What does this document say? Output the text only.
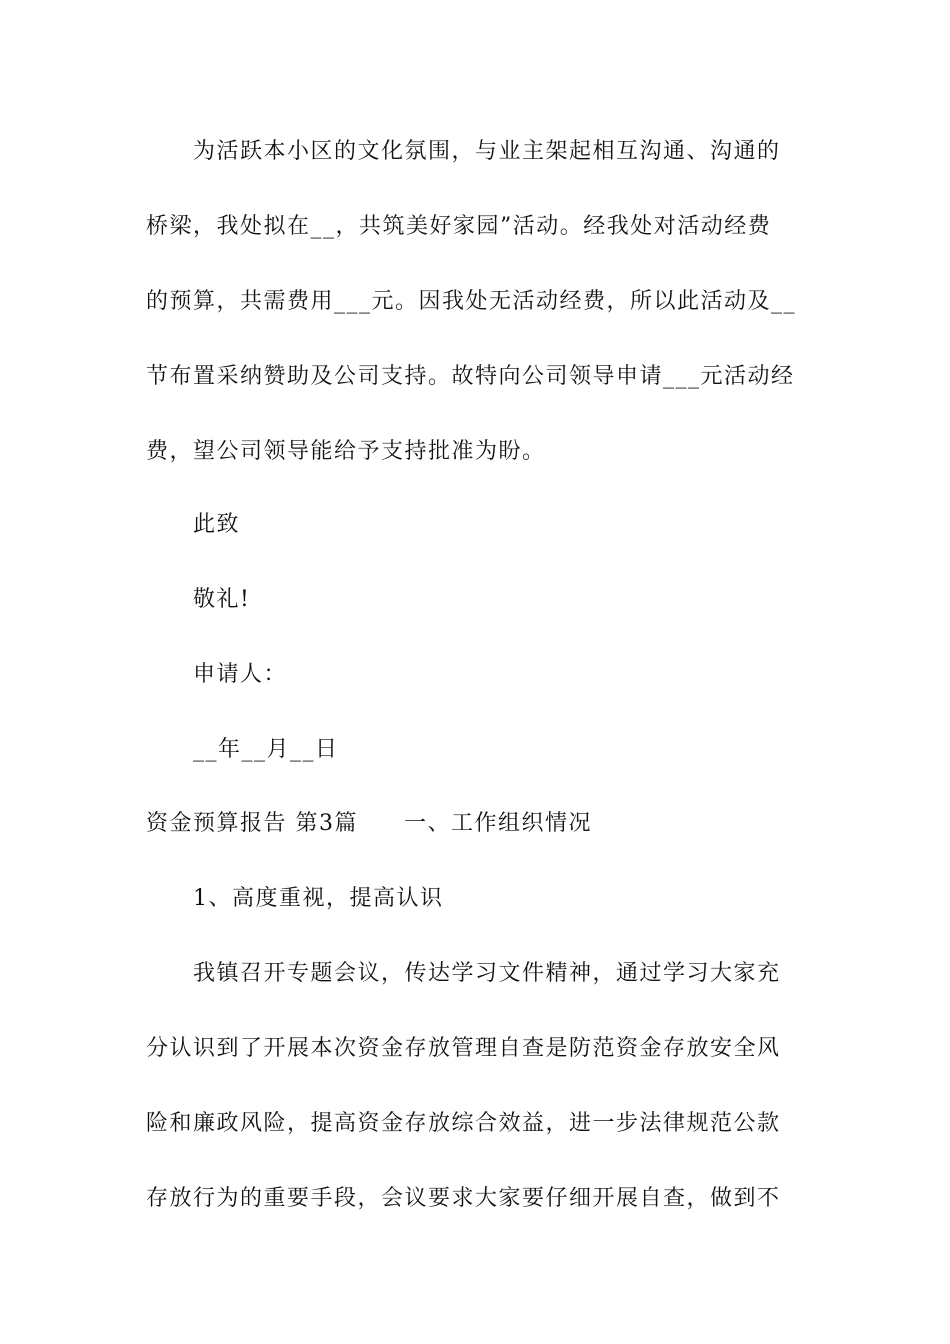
为活跃本小区的文化氛围，与业主架起相互沟通、沟通的
桥梁，我处拟在__，共筑美好家园”活动。经我处对活动经费
的预算，共需费用___元。因我处无活动经费，所以此活动及__
节布置采纳赞助及公司支持。故特向公司领导申请___元活动经
费，望公司领导能给予支持批准为盼。
此致
敬礼!
申请人：
__年__月__日
资金预算报告 第3篇 一、工作组织情况
1、高度重视，提高认识
我镇召开专题会议，传达学习文件精神，通过学习大家充
分认识到了开展本次资金存放管理自查是防范资金存放安全风
险和廉政风险，提高资金存放综合效益，进一步法律规范公款
存放行为的重要手段，会议要求大家要仔细开展自查，做到不
